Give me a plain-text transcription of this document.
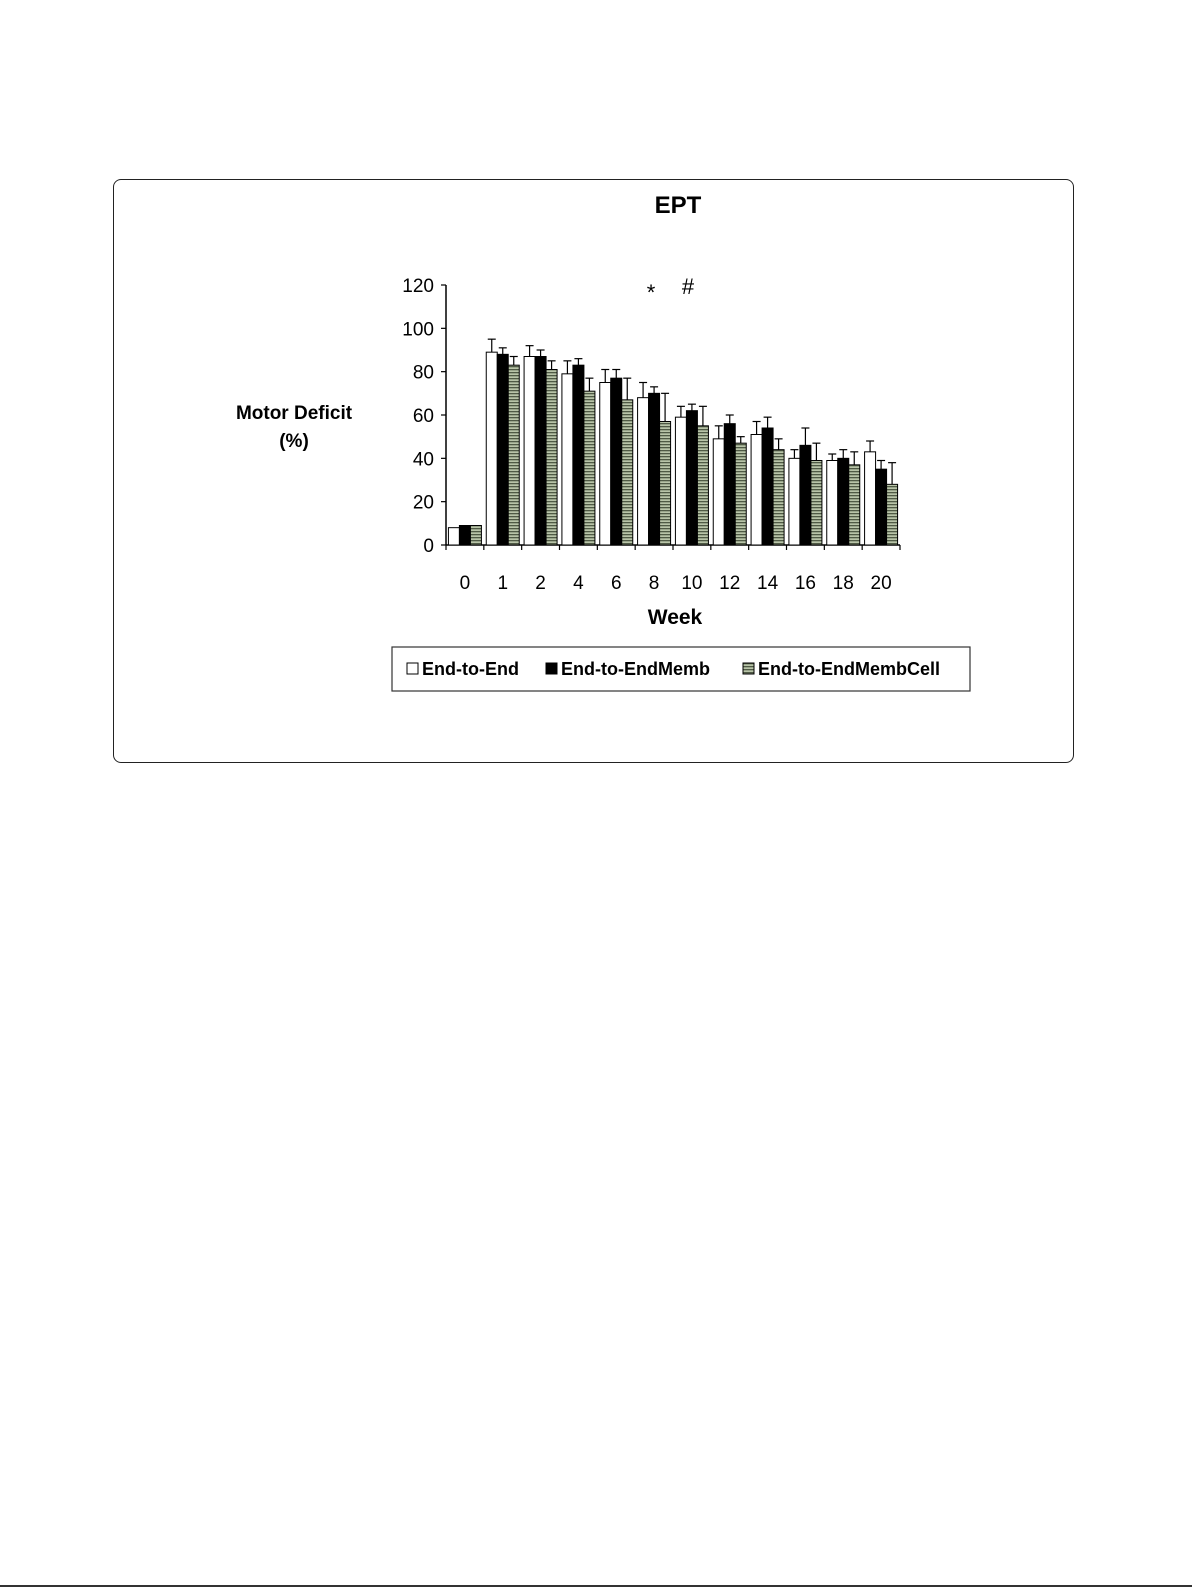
EPT
Motor Deficit
(%)
Week
* #
0
20
40
60
80
100
120
0 1 2 4 6 8 10 12 14 16 18 20
End-to-End End-to-EndMemb	End-to-EndMembCell
